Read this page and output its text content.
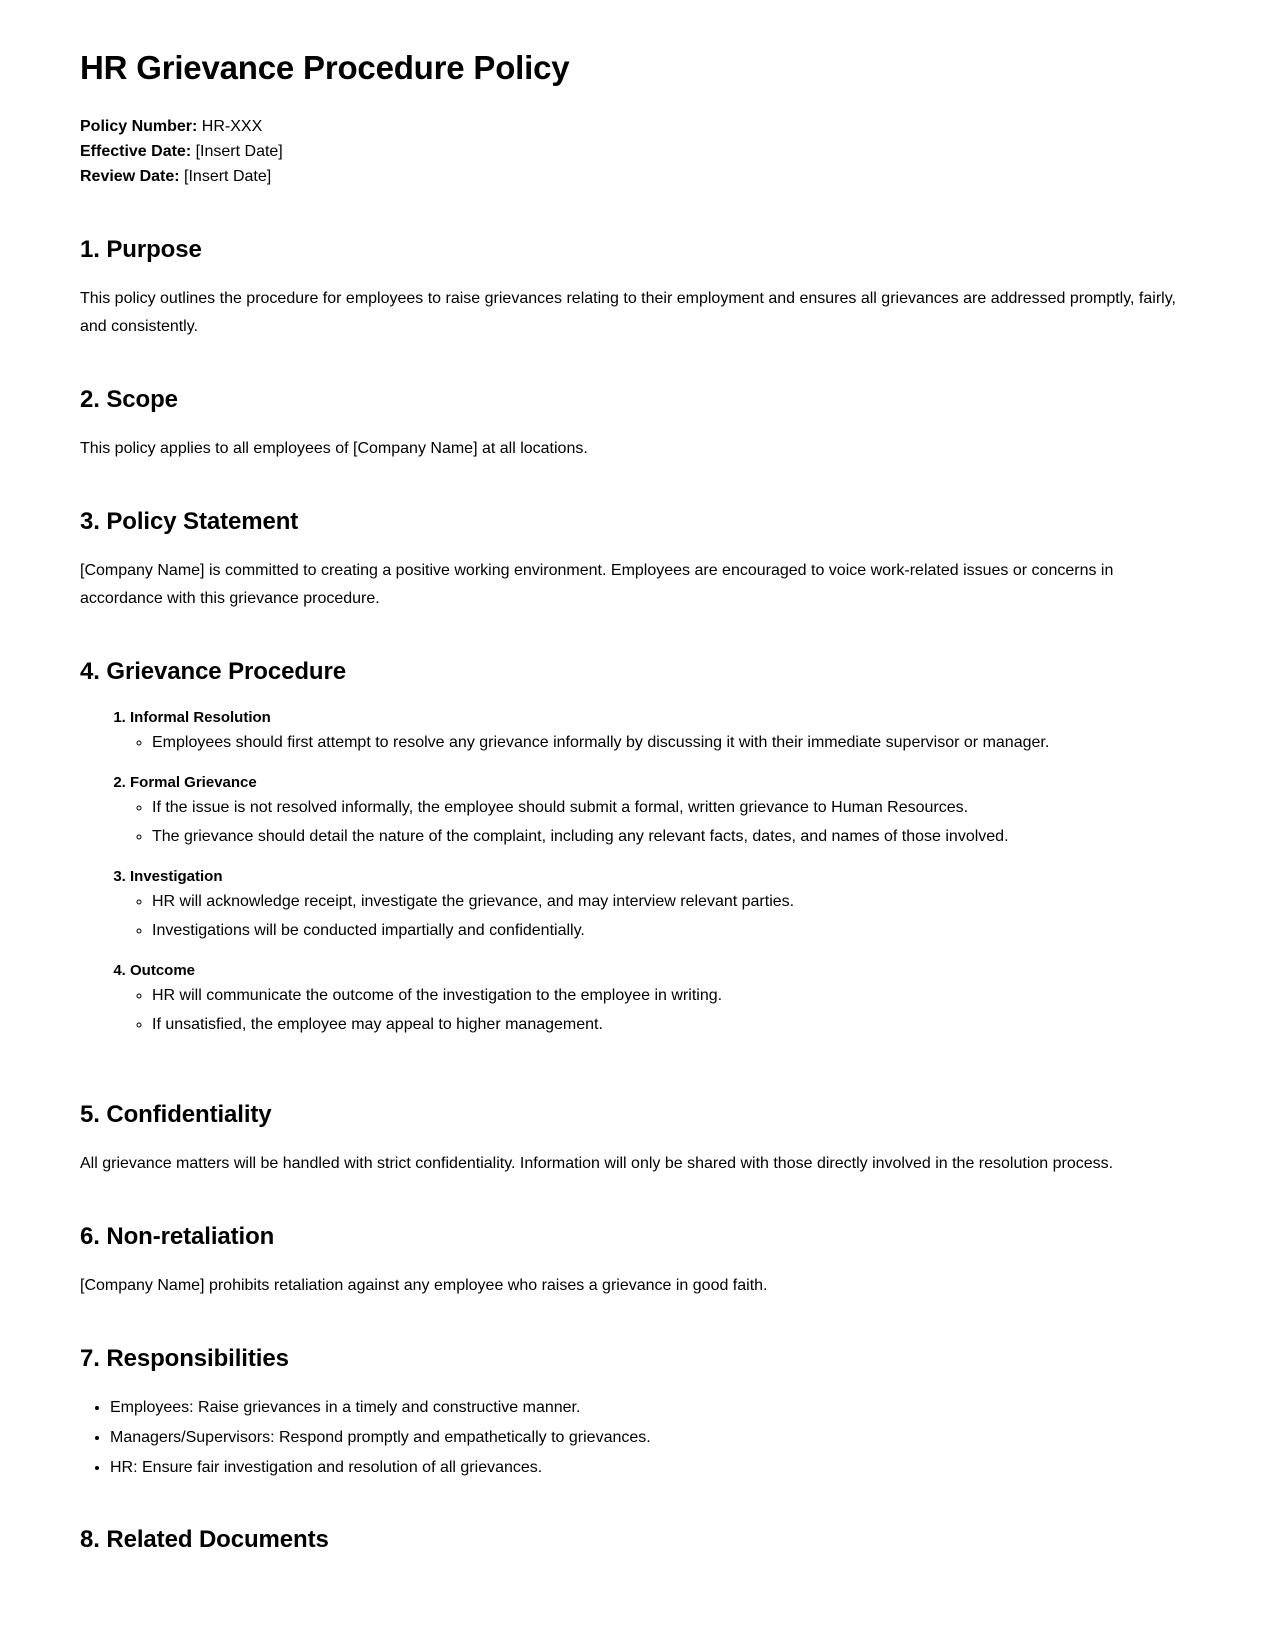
HR Grievance Procedure Policy

Policy Number: HR-XXX

Effective Date: [Insert Date]

Review Date: [Insert Date]

1. Purpose

This policy outlines the procedure for employees to raise grievances relating to their employment and ensures all grievances are addressed promptly, fairly, and consistently.

2. Scope

This policy applies to all employees of [Company Name] at all locations.

3. Policy Statement

[Company Name] is committed to creating a positive working environment. Employees are encouraged to voice work-related issues or concerns in accordance with this grievance procedure.

4. Grievance Procedure
1. Informal Resolution
◦ Employees should first attempt to resolve any grievance informally by discussing it with their immediate supervisor or manager.
2. Formal Grievance
◦ If the issue is not resolved informally, the employee should submit a formal, written grievance to Human Resources.
◦ The grievance should detail the nature of the complaint, including any relevant facts, dates, and names of those involved.
3. Investigation
◦ HR will acknowledge receipt, investigate the grievance, and may interview relevant parties.
◦ Investigations will be conducted impartially and confidentially.
4. Outcome
◦ HR will communicate the outcome of the investigation to the employee in writing.
◦ If unsatisfied, the employee may appeal to higher management.
5. Confidentiality

All grievance matters will be handled with strict confidentiality. Information will only be shared with those directly involved in the resolution process.

6. Non-retaliation

[Company Name] prohibits retaliation against any employee who raises a grievance in good faith.

7. Responsibilities
• Employees: Raise grievances in a timely and constructive manner.
• Managers/Supervisors: Respond promptly and empathetically to grievances.
• HR: Ensure fair investigation and resolution of all grievances.
8. Related Documents
